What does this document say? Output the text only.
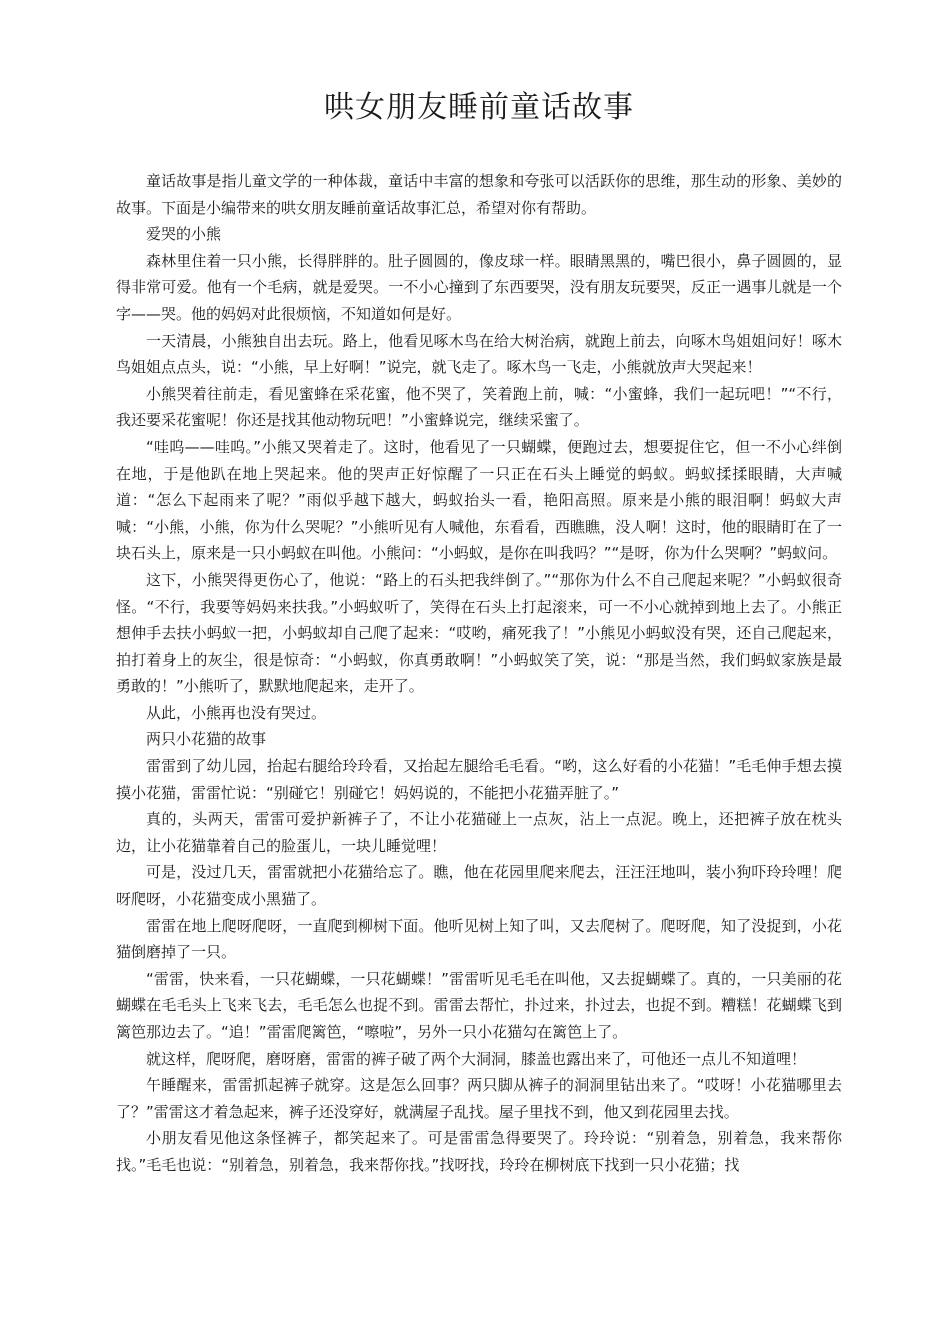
哄女朋友睡前童话故事

童话故事是指儿童文学的一种体裁，童话中丰富的想象和夸张可以活跃你的思维，那生动的形象、美妙的故事。下面是小编带来的哄女朋友睡前童话故事汇总，希望对你有帮助。

爱哭的小熊

森林里住着一只小熊，长得胖胖的。肚子圆圆的，像皮球一样。眼睛黑黑的，嘴巴很小，鼻子圆圆的，显得非常可爱。他有一个毛病，就是爱哭。一不小心撞到了东西要哭，没有朋友玩要哭，反正一遇事儿就是一个字——哭。他的妈妈对此很烦恼，不知道如何是好。

一天清晨，小熊独自出去玩。路上，他看见啄木鸟在给大树治病，就跑上前去，向啄木鸟姐姐问好！啄木鸟姐姐点点头，说：“小熊，早上好啊！”说完，就飞走了。啄木鸟一飞走，小熊就放声大哭起来！

小熊哭着往前走，看见蜜蜂在采花蜜，他不哭了，笑着跑上前，喊：“小蜜蜂，我们一起玩吧！”“不行，我还要采花蜜呢！你还是找其他动物玩吧！”小蜜蜂说完，继续采蜜了。

“哇呜——哇呜。”小熊又哭着走了。这时，他看见了一只蝴蝶，便跑过去，想要捉住它，但一不小心绊倒在地，于是他趴在地上哭起来。他的哭声正好惊醒了一只正在石头上睡觉的蚂蚁。蚂蚁揉揉眼睛，大声喊道：“怎么下起雨来了呢？”雨似乎越下越大，蚂蚁抬头一看，艳阳高照。原来是小熊的眼泪啊！蚂蚁大声喊：“小熊，小熊，你为什么哭呢？”小熊听见有人喊他，东看看，西瞧瞧，没人啊！这时，他的眼睛盯在了一块石头上，原来是一只小蚂蚁在叫他。小熊问：“小蚂蚁，是你在叫我吗？”“是呀，你为什么哭啊？”蚂蚁问。

这下，小熊哭得更伤心了，他说：“路上的石头把我绊倒了。”“那你为什么不自己爬起来呢？”小蚂蚁很奇怪。“不行，我要等妈妈来扶我。”小蚂蚁听了，笑得在石头上打起滚来，可一不小心就掉到地上去了。小熊正想伸手去扶小蚂蚁一把，小蚂蚁却自己爬了起来：“哎哟，痛死我了！”小熊见小蚂蚁没有哭，还自己爬起来，拍打着身上的灰尘，很是惊奇：“小蚂蚁，你真勇敢啊！”小蚂蚁笑了笑，说：“那是当然，我们蚂蚁家族是最勇敢的！”小熊听了，默默地爬起来，走开了。

从此，小熊再也没有哭过。

两只小花猫的故事

雷雷到了幼儿园，抬起右腿给玲玲看，又抬起左腿给毛毛看。“哟，这么好看的小花猫！”毛毛伸手想去摸摸小花猫，雷雷忙说：“别碰它！别碰它！妈妈说的，不能把小花猫弄脏了。”

真的，头两天，雷雷可爱护新裤子了，不让小花猫碰上一点灰，沾上一点泥。晚上，还把裤子放在枕头边，让小花猫靠着自己的脸蛋儿，一块儿睡觉哩！

可是，没过几天，雷雷就把小花猫给忘了。瞧，他在花园里爬来爬去，汪汪汪地叫，装小狗吓玲玲哩！爬呀爬呀，小花猫变成小黑猫了。

雷雷在地上爬呀爬呀，一直爬到柳树下面。他听见树上知了叫，又去爬树了。爬呀爬，知了没捉到，小花猫倒磨掉了一只。

“雷雷，快来看，一只花蝴蝶，一只花蝴蝶！”雷雷听见毛毛在叫他，又去捉蝴蝶了。真的，一只美丽的花蝴蝶在毛毛头上飞来飞去，毛毛怎么也捉不到。雷雷去帮忙，扑过来，扑过去，也捉不到。糟糕！花蝴蝶飞到篱笆那边去了。“追！”雷雷爬篱笆，“嚓啦”，另外一只小花猫勾在篱笆上了。

就这样，爬呀爬，磨呀磨，雷雷的裤子破了两个大洞洞，膝盖也露出来了，可他还一点儿不知道哩！

午睡醒来，雷雷抓起裤子就穿。这是怎么回事？两只脚从裤子的洞洞里钻出来了。“哎呀！小花猫哪里去了？”雷雷这才着急起来，裤子还没穿好，就满屋子乱找。屋子里找不到，他又到花园里去找。

小朋友看见他这条怪裤子，都笑起来了。可是雷雷急得要哭了。玲玲说：“别着急，别着急，我来帮你找。”毛毛也说：“别着急，别着急，我来帮你找。”找呀找，玲玲在柳树底下找到一只小花猫；找
